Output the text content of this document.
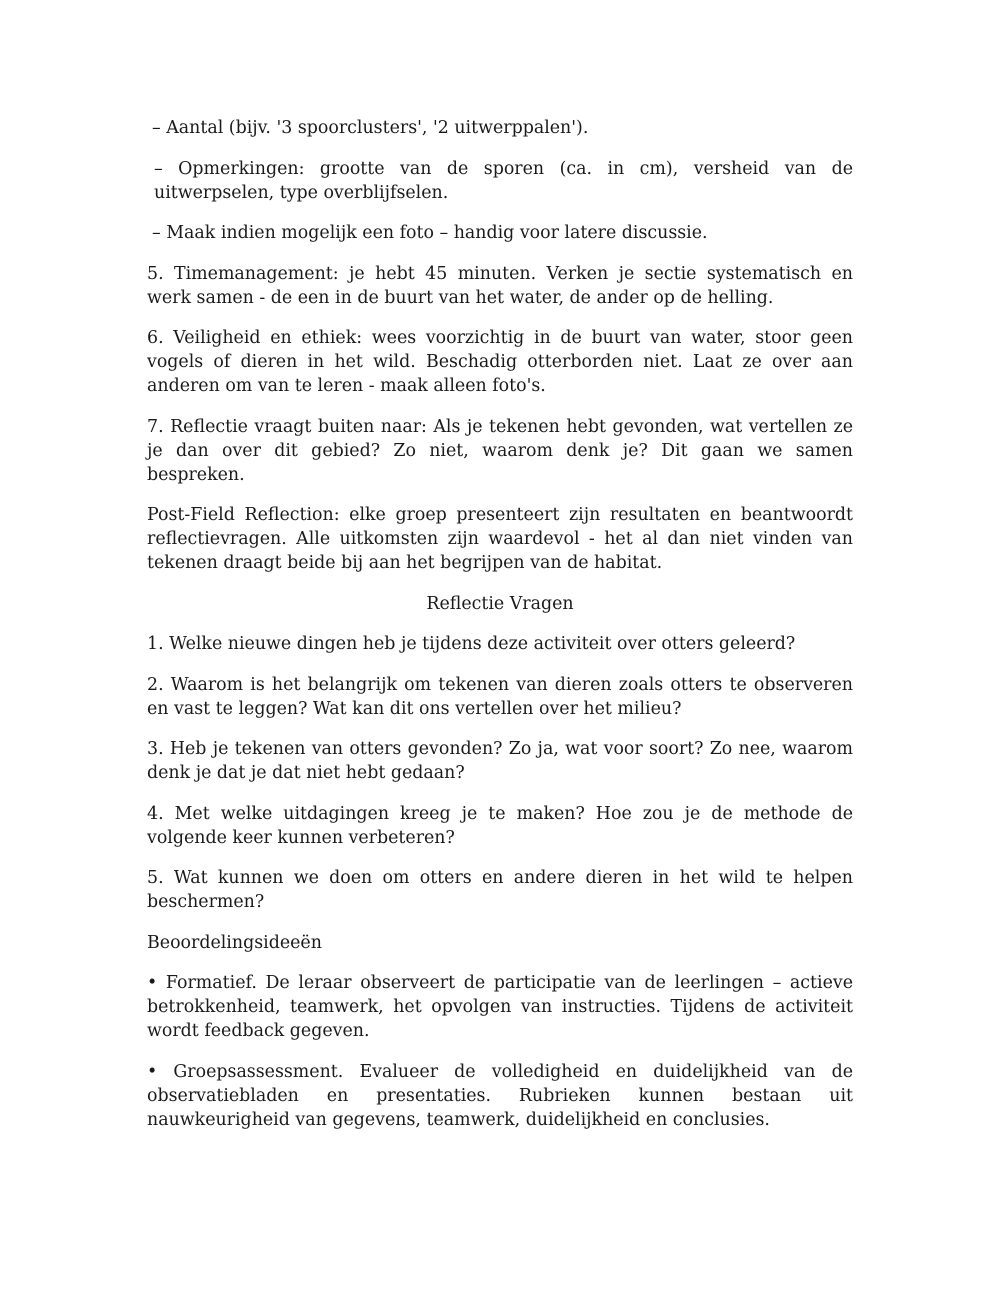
– Aantal (bijv. '3 spoorclusters', '2 uitwerppalen').

– Opmerkingen: grootte van de sporen (ca. in cm), versheid van de uitwerpselen, type overblijfselen.

– Maak indien mogelijk een foto – handig voor latere discussie.

5. Timemanagement: je hebt 45 minuten. Verken je sectie systematisch en werk samen - de een in de buurt van het water, de ander op de helling.

6. Veiligheid en ethiek: wees voorzichtig in de buurt van water, stoor geen vogels of dieren in het wild. Beschadig otterborden niet. Laat ze over aan anderen om van te leren - maak alleen foto's.

7. Reflectie vraagt buiten naar: Als je tekenen hebt gevonden, wat vertellen ze je dan over dit gebied? Zo niet, waarom denk je? Dit gaan we samen bespreken.

Post-Field Reflection: elke groep presenteert zijn resultaten en beantwoordt reflectievragen. Alle uitkomsten zijn waardevol - het al dan niet vinden van tekenen draagt beide bij aan het begrijpen van de habitat.

Reflectie Vragen

1. Welke nieuwe dingen heb je tijdens deze activiteit over otters geleerd?

2. Waarom is het belangrijk om tekenen van dieren zoals otters te observeren en vast te leggen? Wat kan dit ons vertellen over het milieu?

3. Heb je tekenen van otters gevonden? Zo ja, wat voor soort? Zo nee, waarom denk je dat je dat niet hebt gedaan?

4. Met welke uitdagingen kreeg je te maken? Hoe zou je de methode de volgende keer kunnen verbeteren?

5. Wat kunnen we doen om otters en andere dieren in het wild te helpen beschermen?

Beoordelingsideeën

• Formatief. De leraar observeert de participatie van de leerlingen – actieve betrokkenheid, teamwerk, het opvolgen van instructies. Tijdens de activiteit wordt feedback gegeven.

• Groepsassessment. Evalueer de volledigheid en duidelijkheid van de observatiebladen en presentaties. Rubrieken kunnen bestaan uit nauwkeurigheid van gegevens, teamwerk, duidelijkheid en conclusies.
